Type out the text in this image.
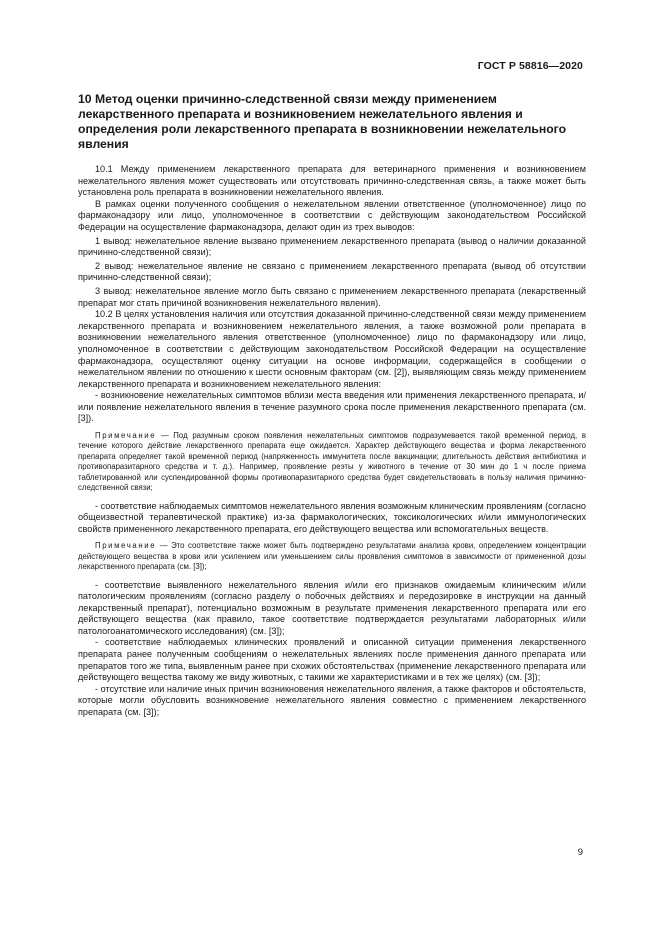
ГОСТ Р 58816—2020
10 Метод оценки причинно-следственной связи между применением лекарственного препарата и возникновением нежелательного явления и определения роли лекарственного препарата в возникновении нежелательного явления

10.1 Между применением лекарственного препарата для ветеринарного применения и возникновением нежелательного явления может существовать или отсутствовать причинно-следственная связь, а также может быть установлена роль препарата в возникновении нежелательного явления.

В рамках оценки полученного сообщения о нежелательном явлении ответственное (уполномоченное) лицо по фармаконадзору или лицо, уполномоченное в соответствии с действующим законодательством Российской Федерации на осуществление фармаконадзора, делают один из трех выводов:

1 вывод: нежелательное явление вызвано применением лекарственного препарата (вывод о наличии доказанной причинно-следственной связи);

2 вывод: нежелательное явление не связано с применением лекарственного препарата (вывод об отсутствии причинно-следственной связи);

3 вывод: нежелательное явление могло быть связано с применением лекарственного препарата (лекарственный препарат мог стать причиной возникновения нежелательного явления).

10.2 В целях установления наличия или отсутствия доказанной причинно-следственной связи между применением лекарственного препарата и возникновением нежелательного явления, а также возможной роли препарата в возникновении нежелательного явления ответственное (уполномоченное) лицо по фармаконадзору или лицо, уполномоченное в соответствии с действующим законодательством Российской Федерации на осуществление фармаконадзора, осуществляют оценку ситуации на основе информации, содержащейся в сообщении о нежелательном явлении по отношению к шести основным факторам (см. [2]), выявляющим связь между применением лекарственного препарата и возникновением нежелательного явления:

- возникновение нежелательных симптомов вблизи места введения или применения лекарственного препарата, и/или появление нежелательного явления в течение разумного срока после применения лекарственного препарата (см. [3]).

Примечание — Под разумным сроком появления нежелательных симптомов подразумевается такой временной период, в течение которого действие лекарственного препарата еще ожидается. Характер действующего вещества и форма лекарственного препарата определяет такой временной период (напряженность иммунитета после вакцинации; длительность действия антибиотика и противопаразитарного средства и т. д.). Например, проявление реэты у животного в течение от 30 мин до 1 ч после приема таблетированной или суспендированной формы противопаразитарного средства будет свидетельствовать в пользу наличия причинно-следственной связи;

- соответствие наблюдаемых симптомов нежелательного явления возможным клиническим проявлениям (согласно общеизвестной терапевтической практике) из-за фармакологических, токсикологических и/или иммунологических свойств примененного лекарственного препарата, его действующего вещества или вспомогательных веществ.

Примечание — Это соответствие также может быть подтверждено результатами анализа крови, определением концентрации действующего вещества в крови или усилением или уменьшением силы проявления симптомов в зависимости от примененной дозы лекарственного препарата (см. [3]);

- соответствие выявленного нежелательного явления и/или его признаков ожидаемым клиническим и/или патологическим проявлениям (согласно разделу о побочных действиях и передозировке в инструкции на данный лекарственный препарат), потенциально возможным в результате применения лекарственного препарата или его действующего вещества (как правило, такое соответствие подтверждается результатами лабораторных и/или патологоанатомического исследования) (см. [3]);

- соответствие наблюдаемых клинических проявлений и описанной ситуации применения лекарственного препарата ранее полученным сообщениям о нежелательных явлениях после применения данного препарата или препаратов того же типа, выявленным ранее при схожих обстоятельствах (применение лекарственного препарата или действующего вещества такому же виду животных, с такими же характеристиками и в тех же целях) (см. [3]);

- отсутствие или наличие иных причин возникновения нежелательного явления, а также факторов и обстоятельств, которые могли обусловить возникновение нежелательного явления совместно с применением лекарственного препарата (см. [3]);

9
